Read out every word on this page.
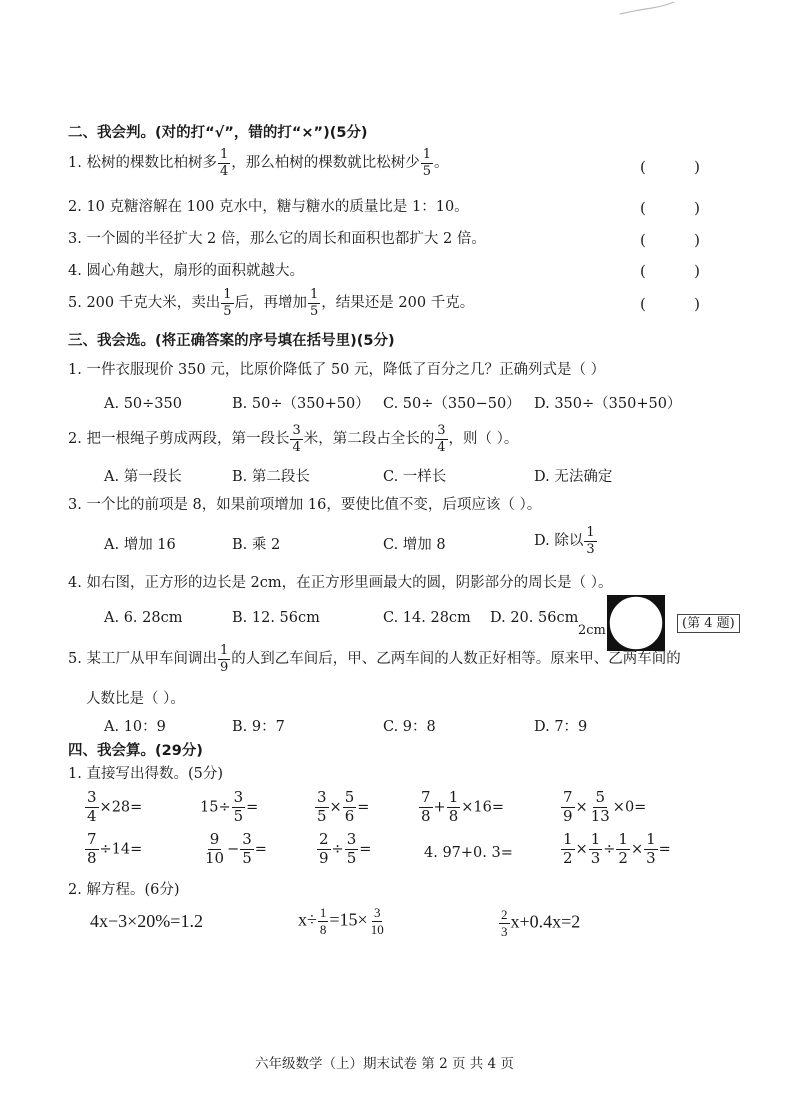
二、我会判。(对的打“√”，错的打“×”)(5分)
1. 松树的棵数比柏树多 $\frac{1}{4}$ ，那么柏树的棵数就比松树少 $\frac{1}{5}$ 。	(	)
2. 10 克糖溶解在 100 克水中，糖与糖水的质量比是 1：10。	(	)
3. 一个圆的半径扩大 2 倍，那么它的周长和面积也都扩大 2 倍。	(	)
4. 圆心角越大，扇形的面积就越大。	(	)
5. 200 千克大米，卖出 $\frac{1}{5}$ 后，再增加 $\frac{1}{5}$ ，结果还是 200 千克。	(	)
三、我会选。(将正确答案的序号填在括号里)(5分)
1. 一件衣服现价 350 元，比原价降低了 50 元，降低了百分之几？正确列式是（ ）
A. 50÷350	B. 50÷（350+50） C. 50÷（350−50） D. 350÷（350+50）
2. 把一根绳子剪成两段，第一段长 $\frac{3}{4}$ 米，第二段占全长的 $\frac{3}{4}$ ，则（ ）。
A. 第一段长	B. 第二段长	C. 一样长	D. 无法确定
3. 一个比的前项是 8，如果前项增加 16，要使比值不变，后项应该（ ）。
A. 增加 16	B. 乘 2	C. 增加 8	D. 除以 $\frac{1}{3}$
4. 如右图，正方形的边长是 2cm，在正方形里画最大的圆，阴影部分的周长是（ ）。
A. 6. 28cm	B. 12. 56cm	C. 14. 28cm D. 20. 56cm
2cm	(第 4 题)
5. 某工厂从甲车间调出 $\frac{1}{9}$ 的人到乙车间后，甲、乙两车间的人数正好相等。原来甲、乙两车间的
人数比是（ ）。
A. 10：9	B. 9：7	C. 9：8	D. 7：9
四、我会算。(29分)
1. 直接写出得数。(5分)
$\frac{3}{4} \times 28=$	$15\div \frac{3}{5}$ =	$\frac{3}{5} \times \frac{5}{6}$ =	$\frac{7}{8} + \frac{1}{8} \times 16=$	$\frac{7}{9} \times \frac{5}{13} \times 0=$
$\frac{7}{8} \div 14=$	$\frac{9}{10} - \frac{3}{5}$ =	$\frac{2}{9} \div \frac{3}{5}$ =	4. 97+0. 3=	$\frac{1}{2} \times \frac{1}{3} \div \frac{1}{2} \times \frac{1}{3}$ =
2. 解方程。(6分)
4x−3×20%=1.2	$x\div \frac{1}{8} =15\times \frac{3}{10}$	$\frac{2}{3} x+0.4x=2$
六年级数学（上）期末试卷 第 2 页 共 4 页
